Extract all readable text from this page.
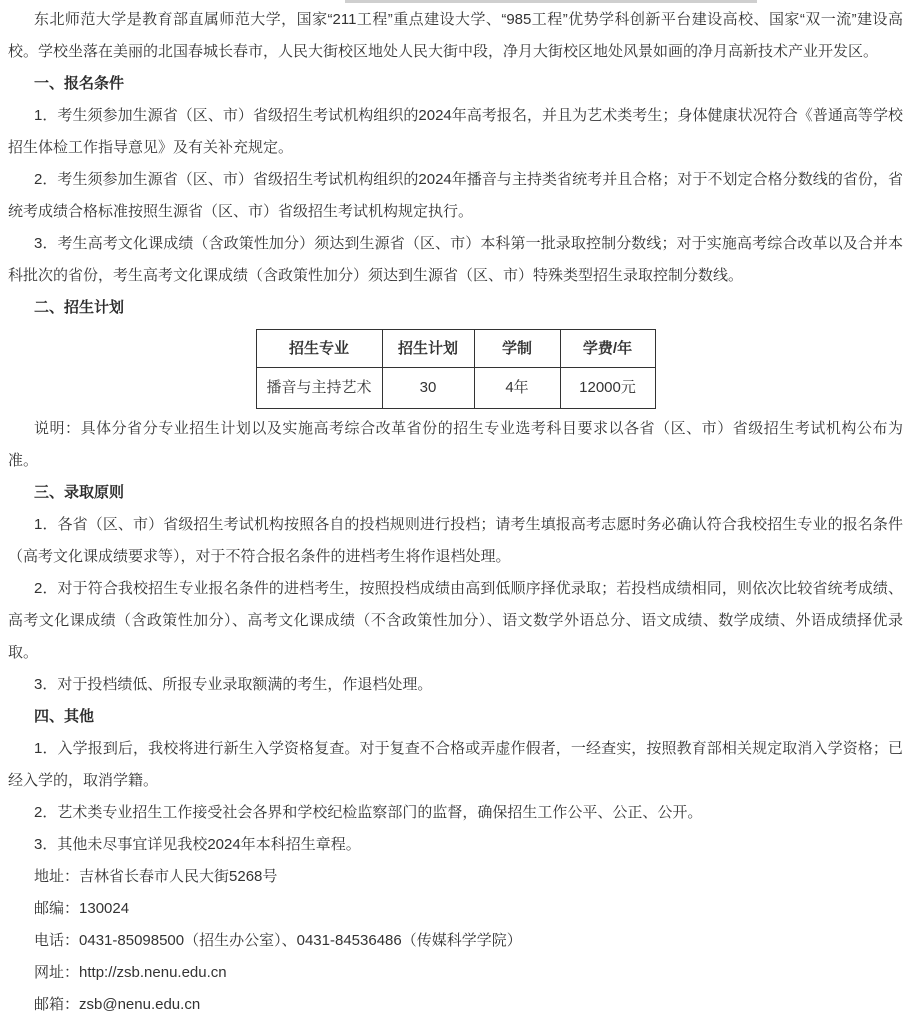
东北师范大学是教育部直属师范大学，国家“211工程”重点建设大学、“985工程”优势学科创新平台建设高校、国家“双一流”建设高校。学校坐落在美丽的北国春城长春市，人民大街校区地处人民大街中段，净月大街校区地处风景如画的净月高新技术产业开发区。

一、报名条件

1．考生须参加生源省（区、市）省级招生考试机构组织的2024年高考报名，并且为艺术类考生；身体健康状况符合《普通高等学校招生体检工作指导意见》及有关补充规定。

2．考生须参加生源省（区、市）省级招生考试机构组织的2024年播音与主持类省统考并且合格；对于不划定合格分数线的省份，省统考成绩合格标准按照生源省（区、市）省级招生考试机构规定执行。

3．考生高考文化课成绩（含政策性加分）须达到生源省（区、市）本科第一批录取控制分数线；对于实施高考综合改革以及合并本科批次的省份，考生高考文化课成绩（含政策性加分）须达到生源省（区、市）特殊类型招生录取控制分数线。

二、招生计划

招生专业	招生计划	学制	学费/年
播音与主持艺术	30	4年	12000元

说明：具体分省分专业招生计划以及实施高考综合改革省份的招生专业选考科目要求以各省（区、市）省级招生考试机构公布为准。

三、录取原则

1．各省（区、市）省级招生考试机构按照各自的投档规则进行投档；请考生填报高考志愿时务必确认符合我校招生专业的报名条件（高考文化课成绩要求等），对于不符合报名条件的进档考生将作退档处理。

2．对于符合我校招生专业报名条件的进档考生，按照投档成绩由高到低顺序择优录取；若投档成绩相同，则依次比较省统考成绩、高考文化课成绩（含政策性加分）、高考文化课成绩（不含政策性加分）、语文数学外语总分、语文成绩、数学成绩、外语成绩择优录取。

3．对于投档绩低、所报专业录取额满的考生，作退档处理。

四、其他

1．入学报到后，我校将进行新生入学资格复查。对于复查不合格或弄虚作假者，一经查实，按照教育部相关规定取消入学资格；已经入学的，取消学籍。

2．艺术类专业招生工作接受社会各界和学校纪检监察部门的监督，确保招生工作公平、公正、公开。

3．其他未尽事宜详见我校2024年本科招生章程。

地址：吉林省长春市人民大街5268号

邮编：130024

电话：0431-85098500（招生办公室）、0431-84536486（传媒科学学院）

网址：http://zsb.nenu.edu.cn

邮箱：zsb@nenu.edu.cn
